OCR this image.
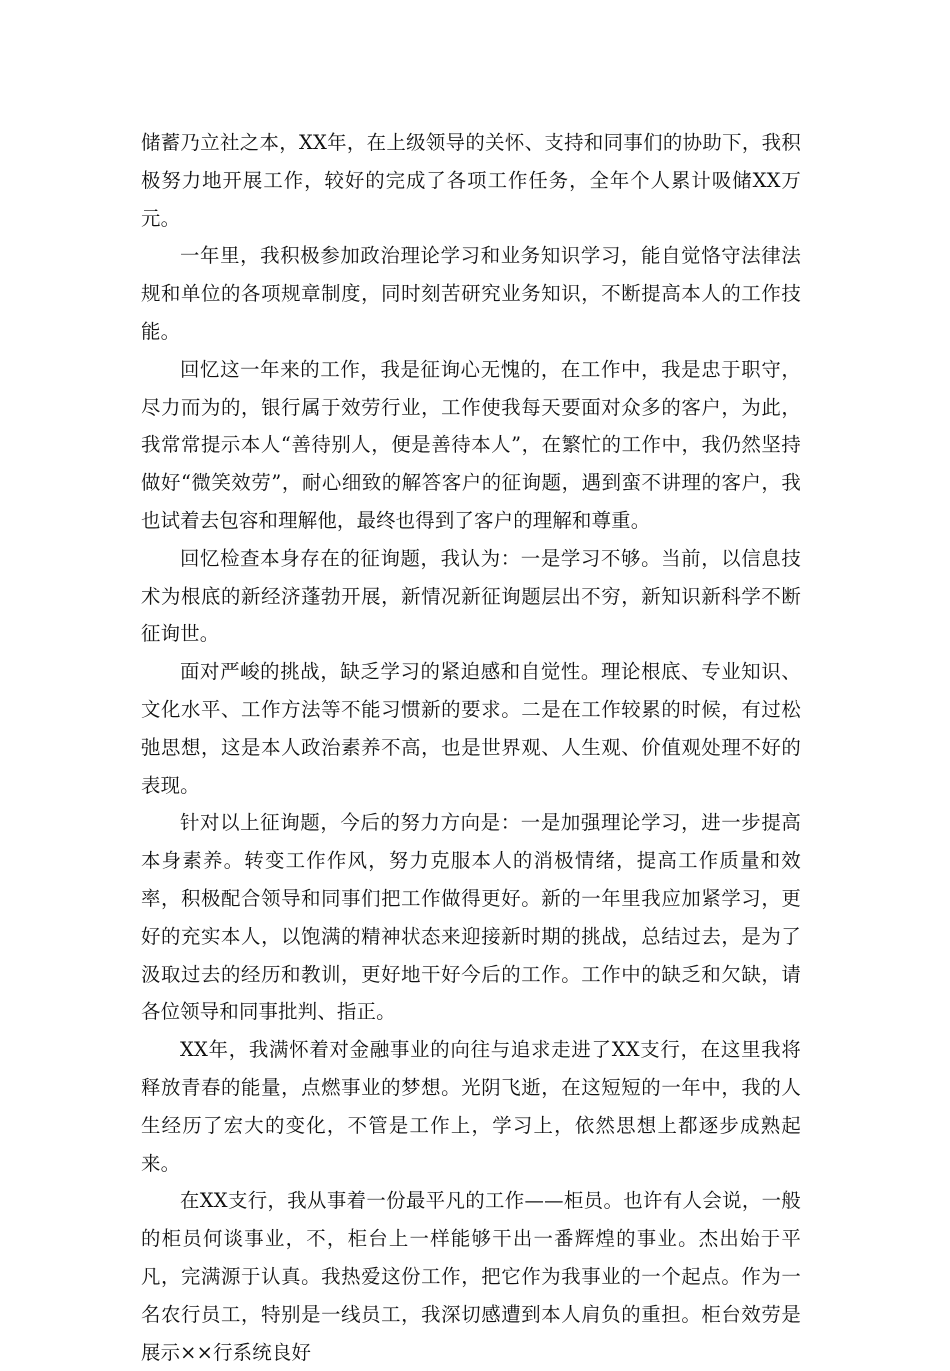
储蓄乃立社之本，XX年，在上级领导的关怀、支持和同事们的协助下，我积极努力地开展工作，较好的完成了各项工作任务，全年个人累计吸储XX万元。

一年里，我积极参加政治理论学习和业务知识学习，能自觉恪守法律法规和单位的各项规章制度，同时刻苦研究业务知识，不断提高本人的工作技能。

回忆这一年来的工作，我是征询心无愧的，在工作中，我是忠于职守，尽力而为的，银行属于效劳行业，工作使我每天要面对众多的客户，为此，我常常提示本人“善待别人，便是善待本人”，在繁忙的工作中，我仍然坚持做好“微笑效劳”，耐心细致的解答客户的征询题，遇到蛮不讲理的客户，我也试着去包容和理解他，最终也得到了客户的理解和尊重。

回忆检查本身存在的征询题，我认为：一是学习不够。当前，以信息技术为根底的新经济蓬勃开展，新情况新征询题层出不穷，新知识新科学不断征询世。

面对严峻的挑战，缺乏学习的紧迫感和自觉性。理论根底、专业知识、文化水平、工作方法等不能习惯新的要求。二是在工作较累的时候，有过松弛思想，这是本人政治素养不高，也是世界观、人生观、价值观处理不好的表现。

针对以上征询题，今后的努力方向是：一是加强理论学习，进一步提高本身素养。转变工作作风，努力克服本人的消极情绪，提高工作质量和效率，积极配合领导和同事们把工作做得更好。新的一年里我应加紧学习，更好的充实本人，以饱满的精神状态来迎接新时期的挑战，总结过去，是为了汲取过去的经历和教训，更好地干好今后的工作。工作中的缺乏和欠缺，请各位领导和同事批判、指正。

XX年，我满怀着对金融事业的向往与追求走进了XX支行，在这里我将释放青春的能量，点燃事业的梦想。光阴飞逝，在这短短的一年中，我的人生经历了宏大的变化，不管是工作上，学习上，依然思想上都逐步成熟起来。

在XX支行，我从事着一份最平凡的工作——柜员。也许有人会说，一般的柜员何谈事业，不，柜台上一样能够干出一番辉煌的事业。杰出始于平凡，完满源于认真。我热爱这份工作，把它作为我事业的一个起点。作为一名农行员工，特别是一线员工，我深切感遭到本人肩负的重担。柜台效劳是展示××行系统良好
